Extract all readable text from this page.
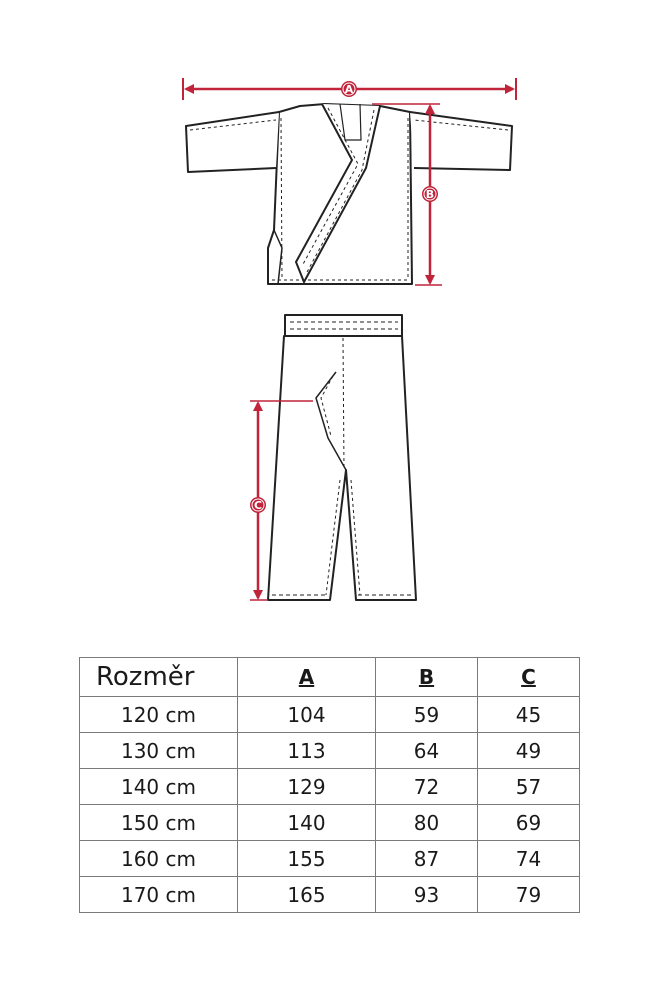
A
B
C
Rozměr	A	B	C
120 cm	104	59	45
130 cm	113	64	49
140 cm	129	72	57
150 cm	140	80	69
160 cm	155	87	74
170 cm	165	93	79
